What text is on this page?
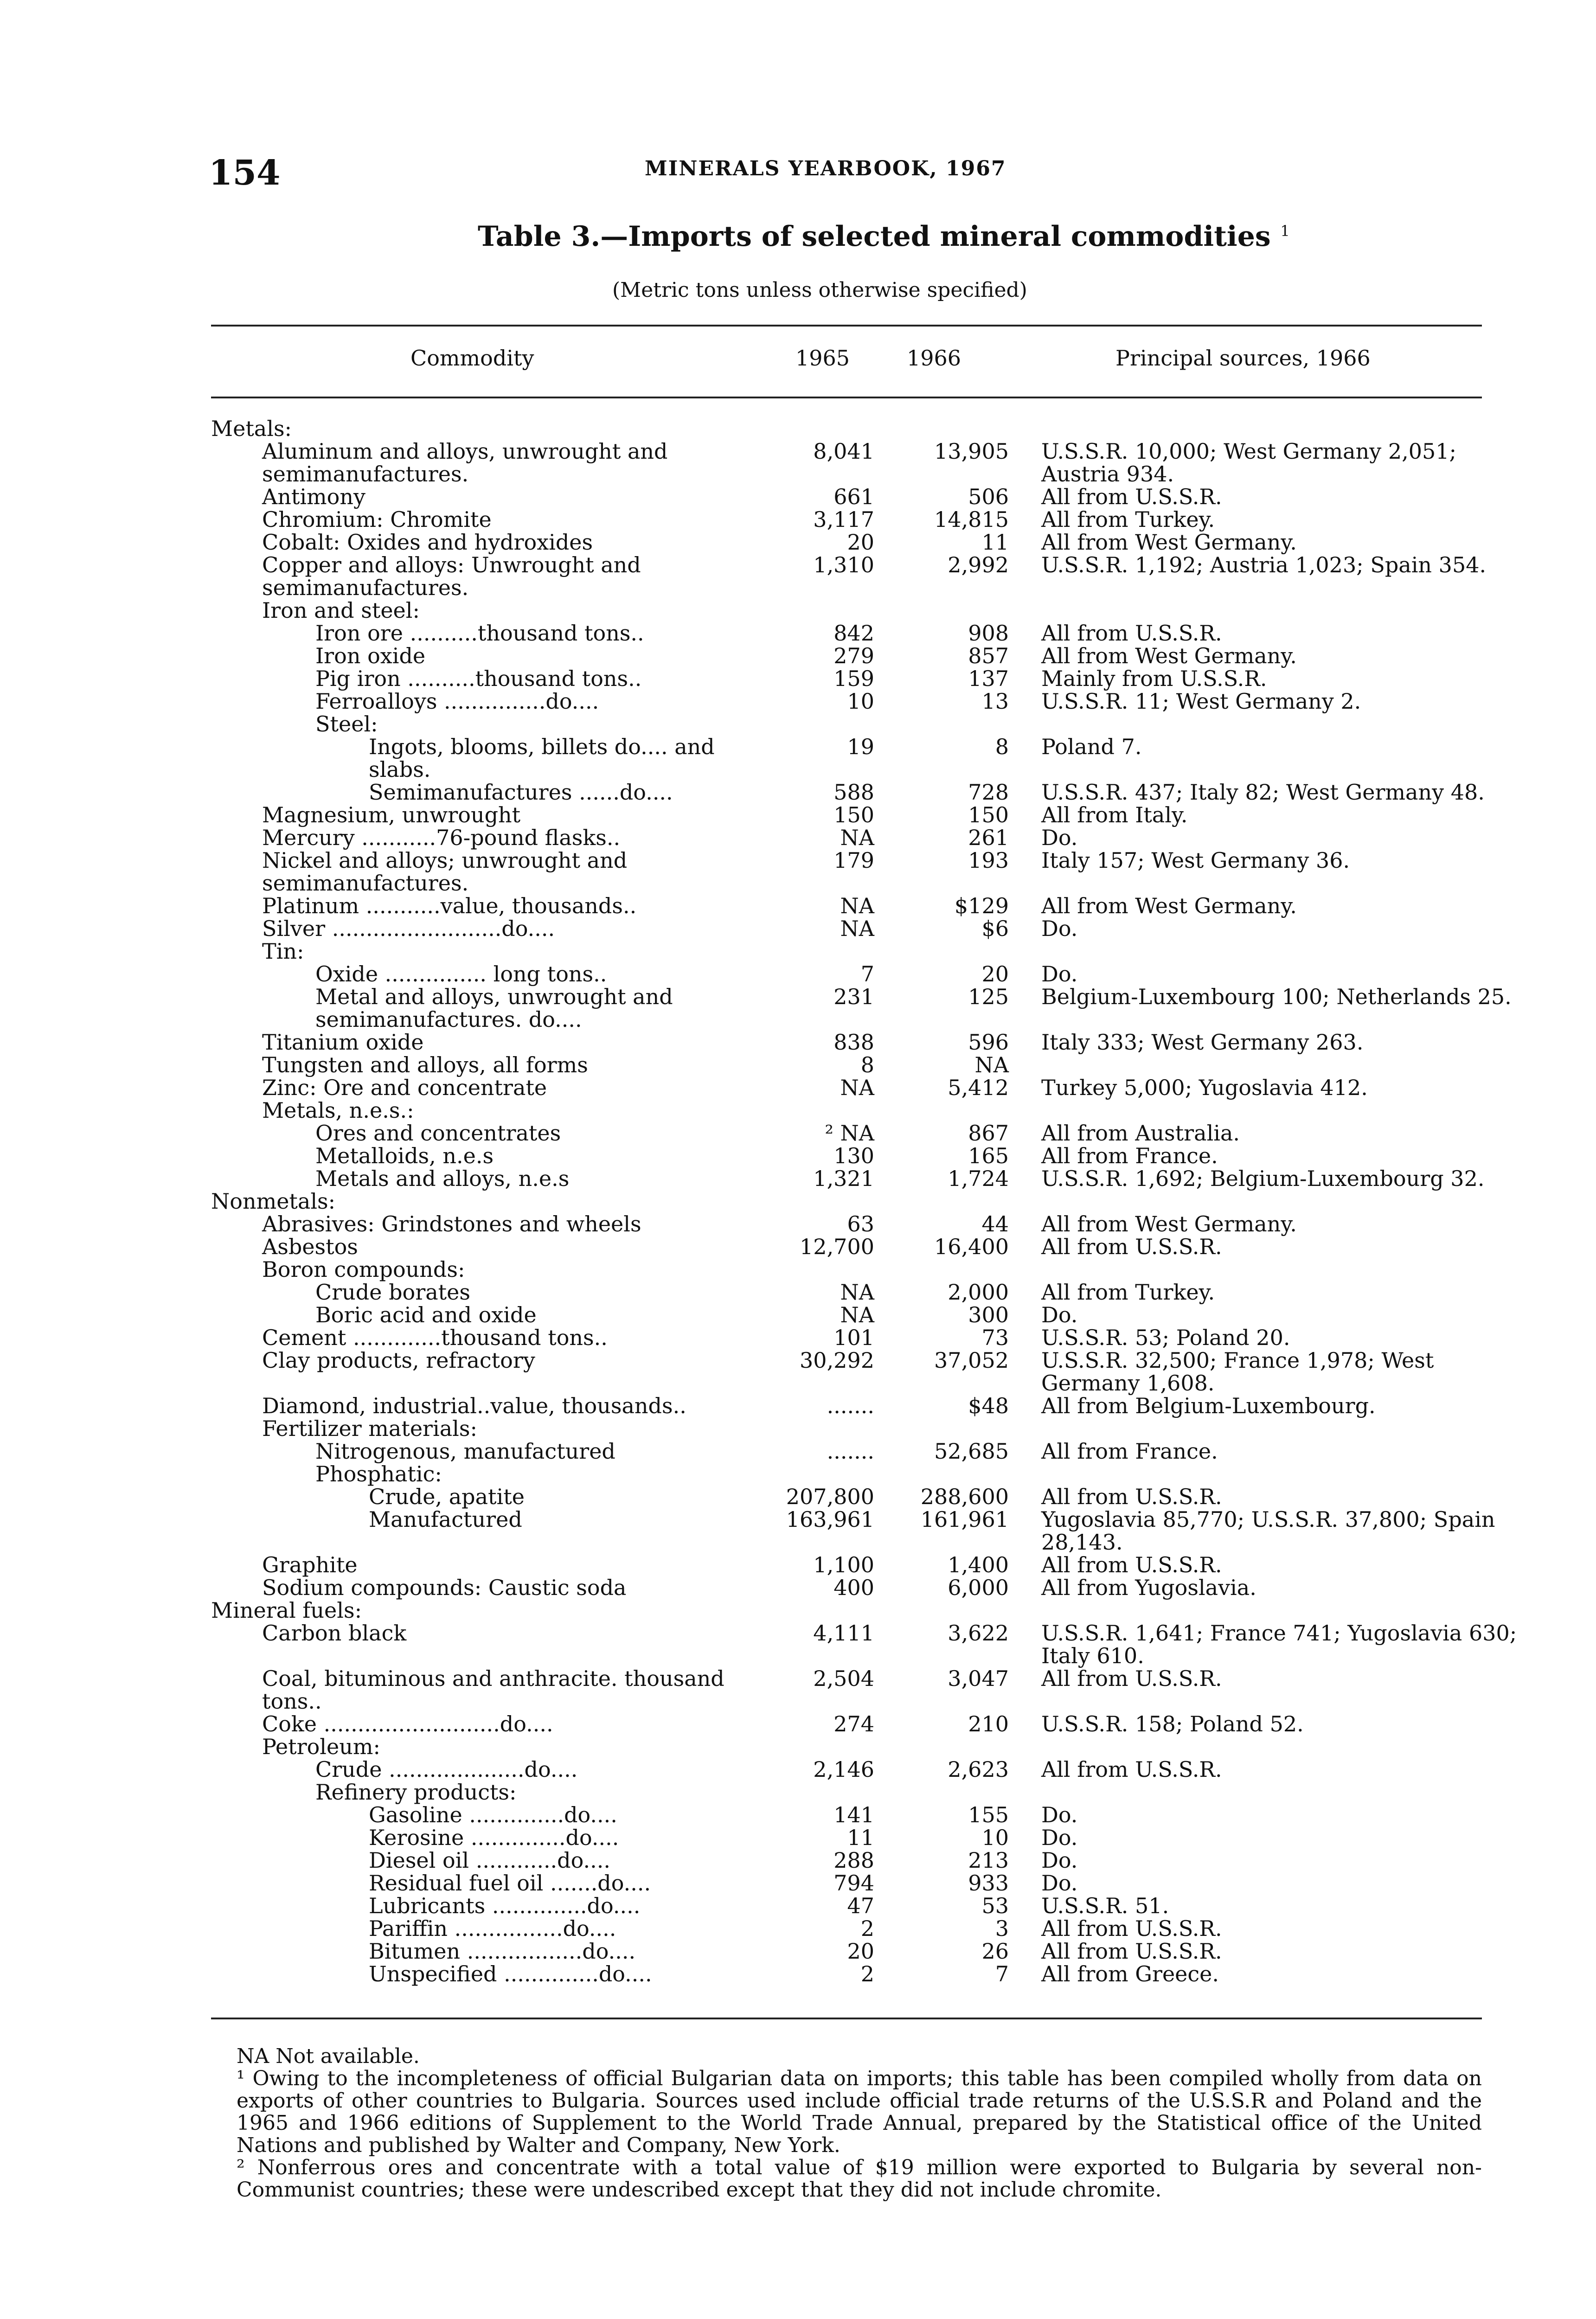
154	MINERALS YEARBOOK, 1967
Table 3.—Imports of selected mineral commodities $^1$
(Metric tons unless otherwise specified)
Commodity	1965	1966	Principal sources, 1966
Metals:			
Aluminum and alloys, unwrought and semimanufactures.	8,041	13,905	U.S.S.R. 10,000; West Germany 2,051; Austria 934.
Antimony	661	506	All from U.S.S.R.
Chromium: Chromite	3,117	14,815	All from Turkey.
Cobalt: Oxides and hydroxides	20	11	All from West Germany.
Copper and alloys: Unwrought and semimanufactures.	1,310	2,992	U.S.S.R. 1,192; Austria 1,023; Spain 354.
Iron and steel:			
Iron ore ..........thousand tons..	842	908	All from U.S.S.R.
Iron oxide	279	857	All from West Germany.
Pig iron ..........thousand tons..	159	137	Mainly from U.S.S.R.
Ferroalloys ...............do....	10	13	U.S.S.R. 11; West Germany 2.
Steel:			
Ingots, blooms, billets do.... and slabs.	19	8	Poland 7.
Semimanufactures ......do....	588	728	U.S.S.R. 437; Italy 82; West Germany 48.
Magnesium, unwrought	150	150	All from Italy.
Mercury ...........76-pound flasks..	NA	261	Do.
Nickel and alloys; unwrought and semimanufactures.	179	193	Italy 157; West Germany 36.
Platinum ...........value, thousands..	NA	$129	All from West Germany.
Silver .........................do....	NA	$6	Do.
Tin:			
Oxide ............... long tons..	7	20	Do.
Metal and alloys, unwrought and semimanufactures. do....	231	125	Belgium-Luxembourg 100; Netherlands 25.
Titanium oxide	838	596	Italy 333; West Germany 263.
Tungsten and alloys, all forms	8	NA	
Zinc: Ore and concentrate	NA	5,412	Turkey 5,000; Yugoslavia 412.
Metals, n.e.s.:			
Ores and concentrates	² NA	867	All from Australia.
Metalloids, n.e.s	130	165	All from France.
Metals and alloys, n.e.s	1,321	1,724	U.S.S.R. 1,692; Belgium-Luxembourg 32.
Nonmetals:			
Abrasives: Grindstones and wheels	63	44	All from West Germany.
Asbestos	12,700	16,400	All from U.S.S.R.
Boron compounds:			
Crude borates	NA	2,000	All from Turkey.
Boric acid and oxide	NA	300	Do.
Cement .............thousand tons..	101	73	U.S.S.R. 53; Poland 20.
Clay products, refractory	30,292	37,052	U.S.S.R. 32,500; France 1,978; West Germany 1,608.
Diamond, industrial..value, thousands..	.......	$48	All from Belgium-Luxembourg.
Fertilizer materials:			
Nitrogenous, manufactured	.......	52,685	All from France.
Phosphatic:			
Crude, apatite	207,800	288,600	All from U.S.S.R.
Manufactured	163,961	161,961	Yugoslavia 85,770; U.S.S.R. 37,800; Spain 28,143.
Graphite	1,100	1,400	All from U.S.S.R.
Sodium compounds: Caustic soda	400	6,000	All from Yugoslavia.
Mineral fuels:			
Carbon black	4,111	3,622	U.S.S.R. 1,641; France 741; Yugoslavia 630; Italy 610.
Coal, bituminous and anthracite. thousand tons..	2,504	3,047	All from U.S.S.R.
Coke ..........................do....	274	210	U.S.S.R. 158; Poland 52.
Petroleum:			
Crude ....................do....	2,146	2,623	All from U.S.S.R.
Refinery products:			
Gasoline ..............do....	141	155	Do.
Kerosine ..............do....	11	10	Do.
Diesel oil ............do....	288	213	Do.
Residual fuel oil .......do....	794	933	Do.
Lubricants ..............do....	47	53	U.S.S.R. 51.
Pariffin ................do....	2	3	All from U.S.S.R.
Bitumen .................do....	20	26	All from U.S.S.R.
Unspecified ..............do....	2	7	All from Greece.

NA Not available.

¹ Owing to the incompleteness of official Bulgarian data on imports; this table has been compiled wholly from data on exports of other countries to Bulgaria. Sources used include official trade returns of the U.S.S.R and Poland and the 1965 and 1966 editions of Supplement to the World Trade Annual, prepared by the Statistical office of the United Nations and published by Walter and Company, New York.

² Nonferrous ores and concentrate with a total value of $19 million were exported to Bulgaria by several non-Communist countries; these were undescribed except that they did not include chromite.
